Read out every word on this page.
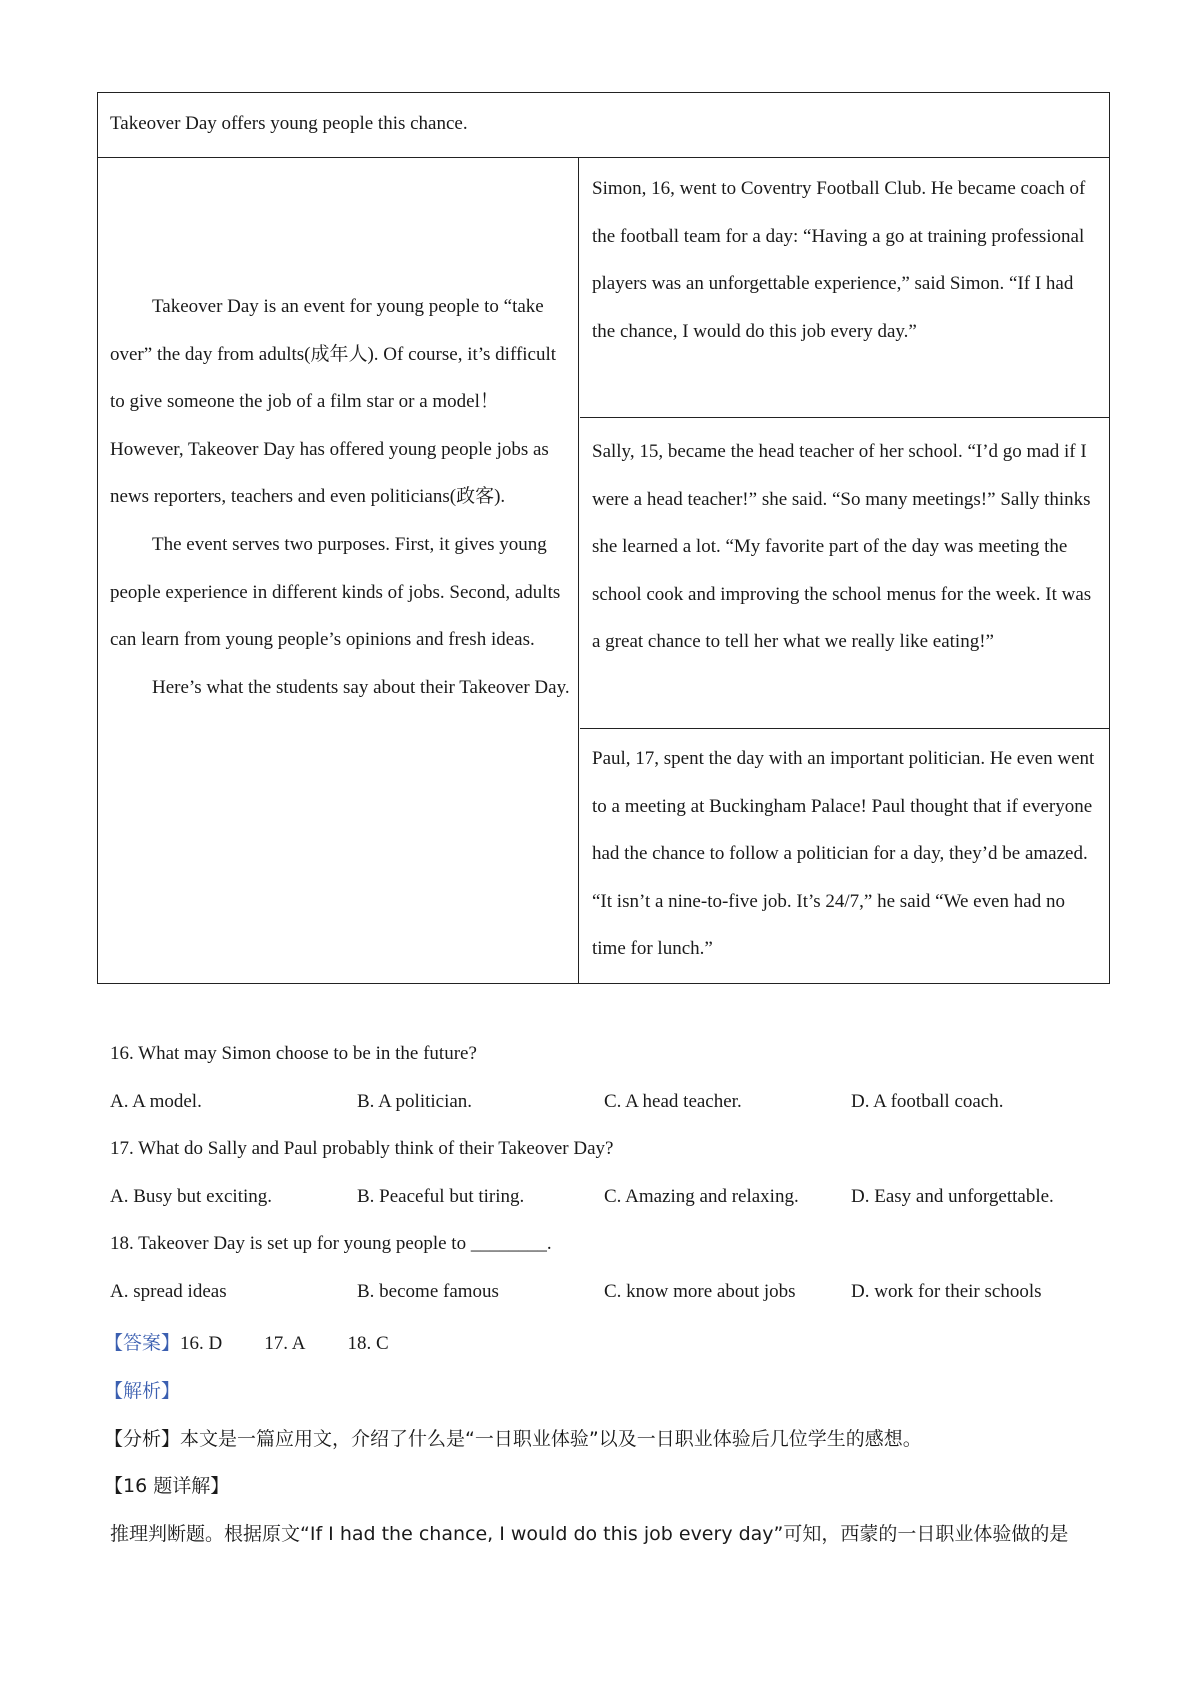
Takeover Day offers young people this chance.

Takeover Day is an event for young people to “take over” the day from adults(成年人). Of course, it’s difficult to give someone the job of a film star or a model！ However, Takeover Day has offered young people jobs as news reporters, teachers and even politicians(政客).

The event serves two purposes. First, it gives young people experience in different kinds of jobs. Second, adults can learn from young people’s opinions and fresh ideas.

Here’s what the students say about their Takeover Day.

Simon, 16, went to Coventry Football Club. He became coach of the football team for a day: “Having a go at training professional players was an unforgettable experience,” said Simon. “If I had the chance, I would do this job every day.”
Sally, 15, became the head teacher of her school. “I’d go mad if I were a head teacher!” she said. “So many meetings!” Sally thinks she learned a lot. “My favorite part of the day was meeting the school cook and improving the school menus for the week. It was a great chance to tell her what we really like eating!”
Paul, 17, spent the day with an important politician. He even went to a meeting at Buckingham Palace! Paul thought that if everyone had the chance to follow a politician for a day, they’d be amazed. “It isn’t a nine-to-five job. It’s 24/7,” he said “We even had no time for lunch.”
16. What may Simon choose to be in the future?
A. A model.	B. A politician.	C. A head teacher.	D. A football coach.
17. What do Sally and Paul probably think of their Takeover Day?
A. Busy but exciting.	B. Peaceful but tiring.	C. Amazing and relaxing.	D. Easy and unforgettable.
18. Takeover Day is set up for young people to ________.
A. spread ideas	B. become famous	C. know more about jobs	D. work for their schools
【答案】16. D 17. A 18. C
【解析】
【分析】本文是一篇应用文，介绍了什么是“一日职业体验”以及一日职业体验后几位学生的感想。
【16 题详解】
推理判断题。根据原文“If I had the chance, I would do this job every day”可知，西蒙的一日职业体验做的是
